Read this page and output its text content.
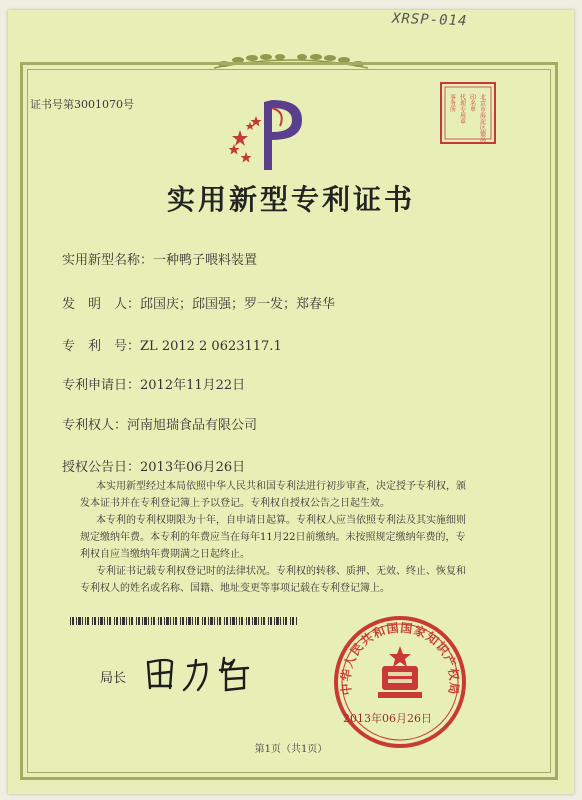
XRSP-014
证书号第3001070号	北京市海淀区德高
印名单
代理专用章
事务所
实用新型专利证书
实用新型名称：一种鸭子喂料装置
发　明　人：邱国庆；邱国强；罗一发；郑春华
专　利　号：ZL 2012 2 0623117.1
专利申请日：2012年11月22日
专利权人：河南旭瑞食品有限公司
授权公告日：2013年06月26日
本实用新型经过本局依照中华人民共和国专利法进行初步审查，决定授予专利权，颁
发本证书并在专利登记簿上予以登记。专利权自授权公告之日起生效。
本专利的专利权期限为十年，自申请日起算。专利权人应当依照专利法及其实施细则
规定缴纳年费。本专利的年费应当在每年11月22日前缴纳。未按照规定缴纳年费的，专
利权自应当缴纳年费期满之日起终止。
专利证书记载专利权登记时的法律状况。专利权的转移、质押、无效、终止、恢复和
专利权人的姓名或名称、国籍、地址变更等事项记载在专利登记簿上。
局长
中华人民共和国国家知识产权局
2013年06月26日
第1页（共1页）
